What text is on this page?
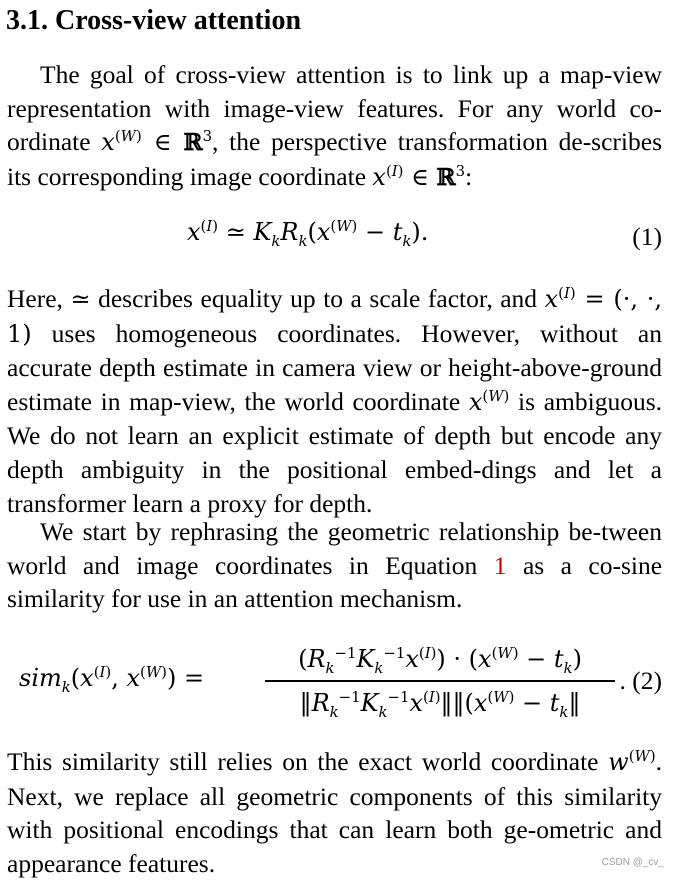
3.1. Cross-view attention
The goal of cross-view attention is to link up a map-view representation with image-view features. For any world co-ordinate $x^{(W)}$ ∈ ℝ$^3$, the perspective transformation de-scribes its corresponding image coordinate $x^{(I)}$ ∈ ℝ$^3$:
$x^{(I)}$ ≃ $K_kR_k(x^{(W)} - t_k)$.	(1)
Here, ≃ describes equality up to a scale factor, and $x^{(I)}$ = (·, ·, 1) uses homogeneous coordinates. However, without an accurate depth estimate in camera view or height-above-ground estimate in map-view, the world coordinate $x^{(W)}$ is ambiguous. We do not learn an explicit estimate of depth but encode any depth ambiguity in the positional embed-dings and let a transformer learn a proxy for depth.
We start by rephrasing the geometric relationship be-tween world and image coordinates in Equation 1 as a co-sine similarity for use in an attention mechanism.
$sim_k(x^{(I)}$, $x^{(W)}$) =
$(R_k^{-1}K_k^{-1}x^{(I)}) \cdot (x^{(W)} - t_k)$
$‖R_k^{-1}K_k^{-1}x^{(I)}‖‖(x^{(W)}$ − $t_k‖$
. (2)
This similarity still relies on the exact world coordinate $w^{(W)}$. Next, we replace all geometric components of this similarity with positional encodings that can learn both ge-ometric and appearance features.	CSDN @_cv_
